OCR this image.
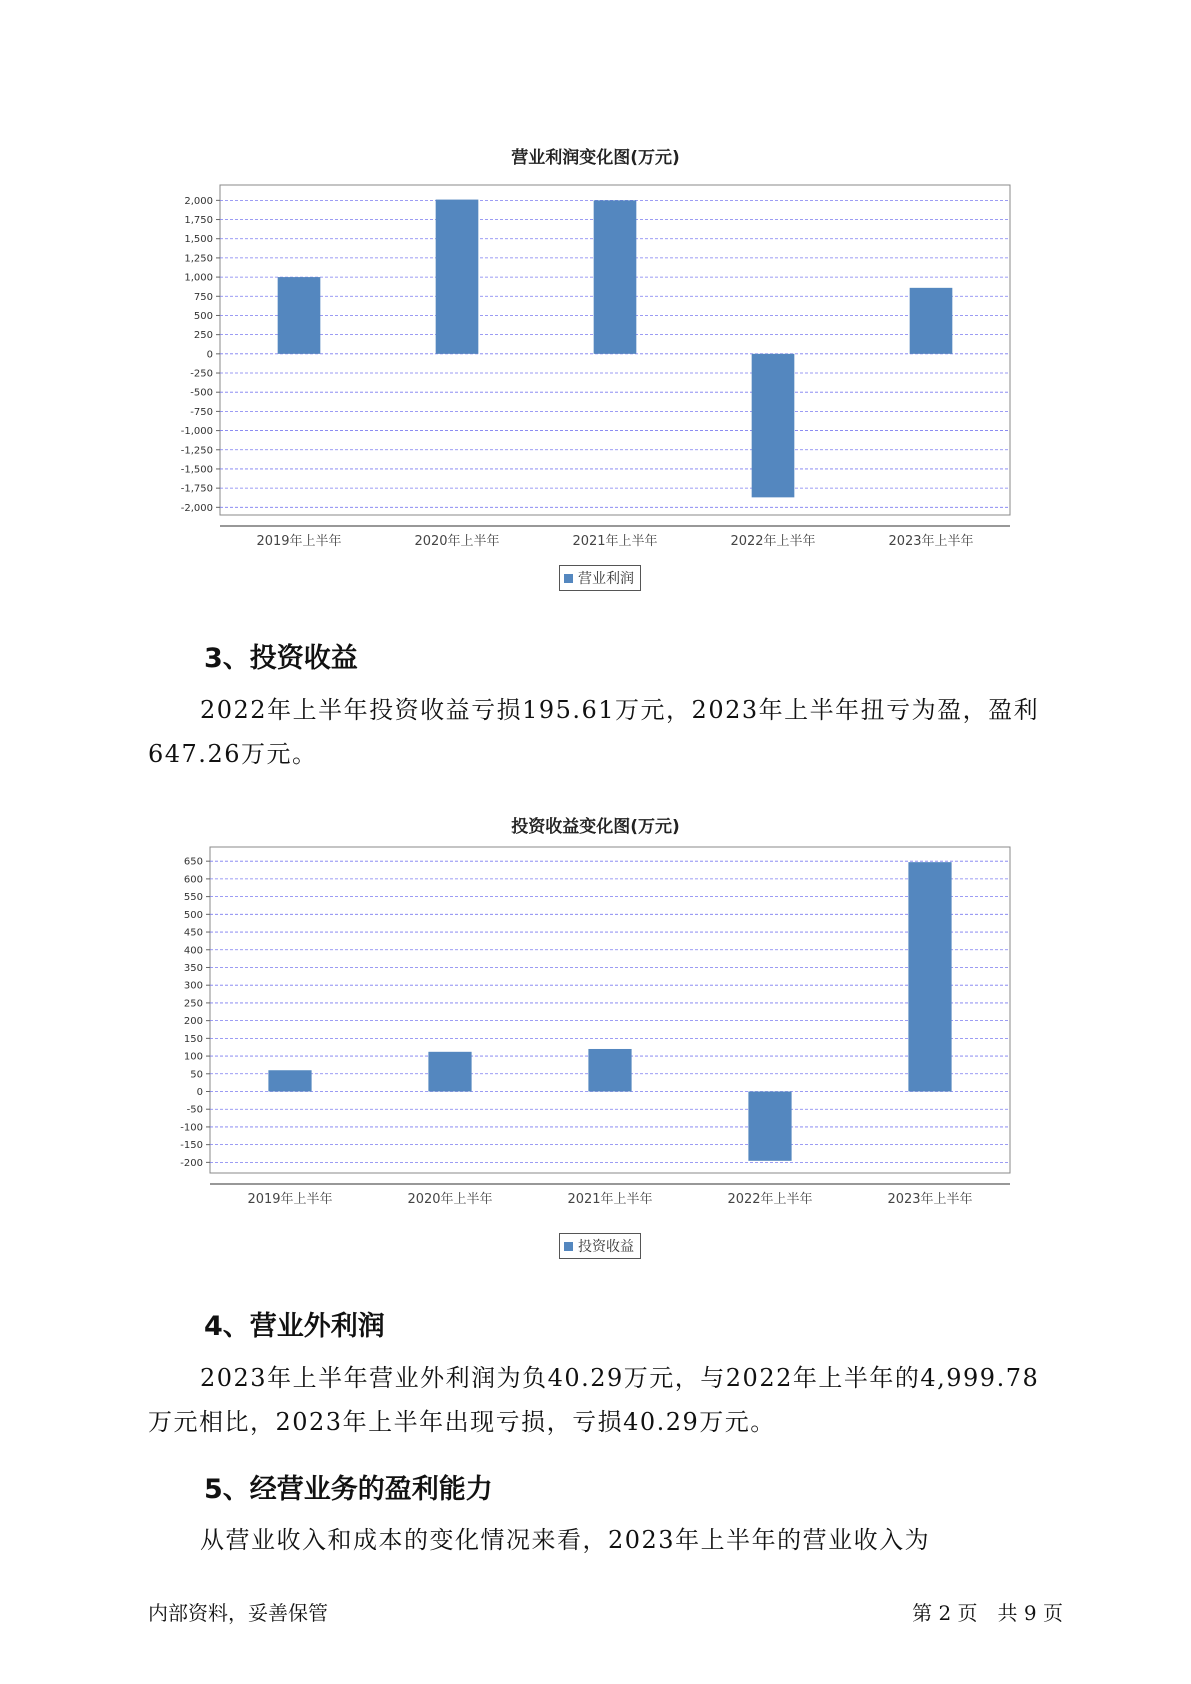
营业利润变化图(万元)
2,000
1,750
1,500
1,250
1,000
750
500
250
0
-250
-500
-750
-1,000
-1,250
-1,500
-1,750
-2,000
2019年上半年	2020年上半年	2021年上半年	2022年上半年	2023年上半年
营业利润
3、投资收益

2022年上半年投资收益亏损195.61万元，2023年上半年扭亏为盈，盈利647.26万元。

投资收益变化图(万元)
650
600
550
500
450
400
350
300
250
200
150
100
50
0
-50
-100
-150
-200
2019年上半年	2020年上半年	2021年上半年	2022年上半年	2023年上半年
投资收益
4、营业外利润

2023年上半年营业外利润为负40.29万元，与2022年上半年的4,999.78万元相比，2023年上半年出现亏损，亏损40.29万元。

5、经营业务的盈利能力

从营业收入和成本的变化情况来看，2023年上半年的营业收入为

内部资料，妥善保管	第 2 页　共 9 页
